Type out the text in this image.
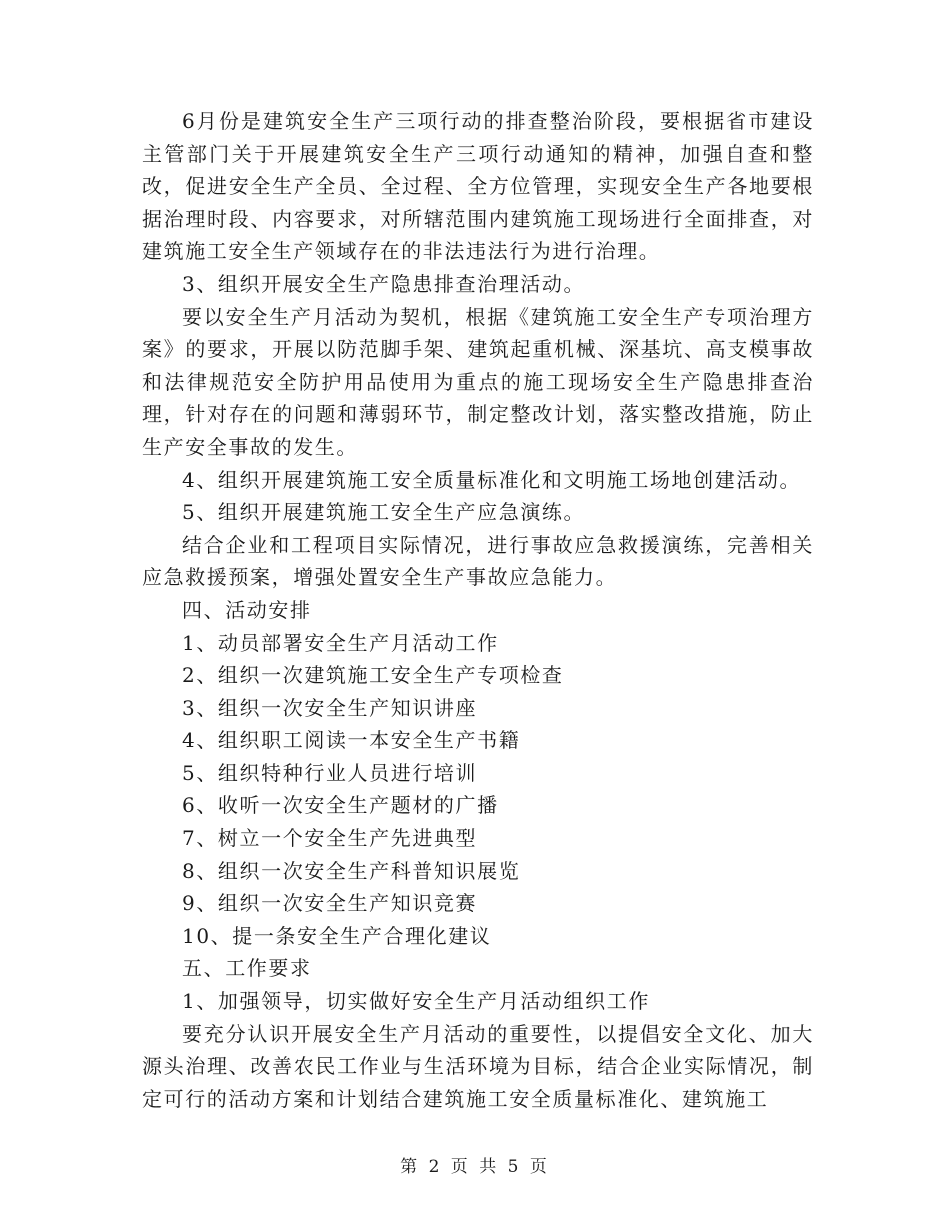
6月份是建筑安全生产三项行动的排查整治阶段，要根据省市建设主管部门关于开展建筑安全生产三项行动通知的精神，加强自查和整改，促进安全生产全员、全过程、全方位管理，实现安全生产各地要根据治理时段、内容要求，对所辖范围内建筑施工现场进行全面排查，对建筑施工安全生产领域存在的非法违法行为进行治理。

3、组织开展安全生产隐患排查治理活动。

要以安全生产月活动为契机，根据《建筑施工安全生产专项治理方案》的要求，开展以防范脚手架、建筑起重机械、深基坑、高支模事故和法律规范安全防护用品使用为重点的施工现场安全生产隐患排查治理，针对存在的问题和薄弱环节，制定整改计划，落实整改措施，防止生产安全事故的发生。

4、组织开展建筑施工安全质量标准化和文明施工场地创建活动。

5、组织开展建筑施工安全生产应急演练。

结合企业和工程项目实际情况，进行事故应急救援演练，完善相关应急救援预案，增强处置安全生产事故应急能力。

四、活动安排

1、动员部署安全生产月活动工作

2、组织一次建筑施工安全生产专项检查

3、组织一次安全生产知识讲座

4、组织职工阅读一本安全生产书籍

5、组织特种行业人员进行培训

6、收听一次安全生产题材的广播

7、树立一个安全生产先进典型

8、组织一次安全生产科普知识展览

9、组织一次安全生产知识竞赛

10、提一条安全生产合理化建议

五、工作要求

1、加强领导，切实做好安全生产月活动组织工作

要充分认识开展安全生产月活动的重要性，以提倡安全文化、加大源头治理、改善农民工作业与生活环境为目标，结合企业实际情况，制定可行的活动方案和计划结合建筑施工安全质量标准化、建筑施工

第 2 页 共 5 页
